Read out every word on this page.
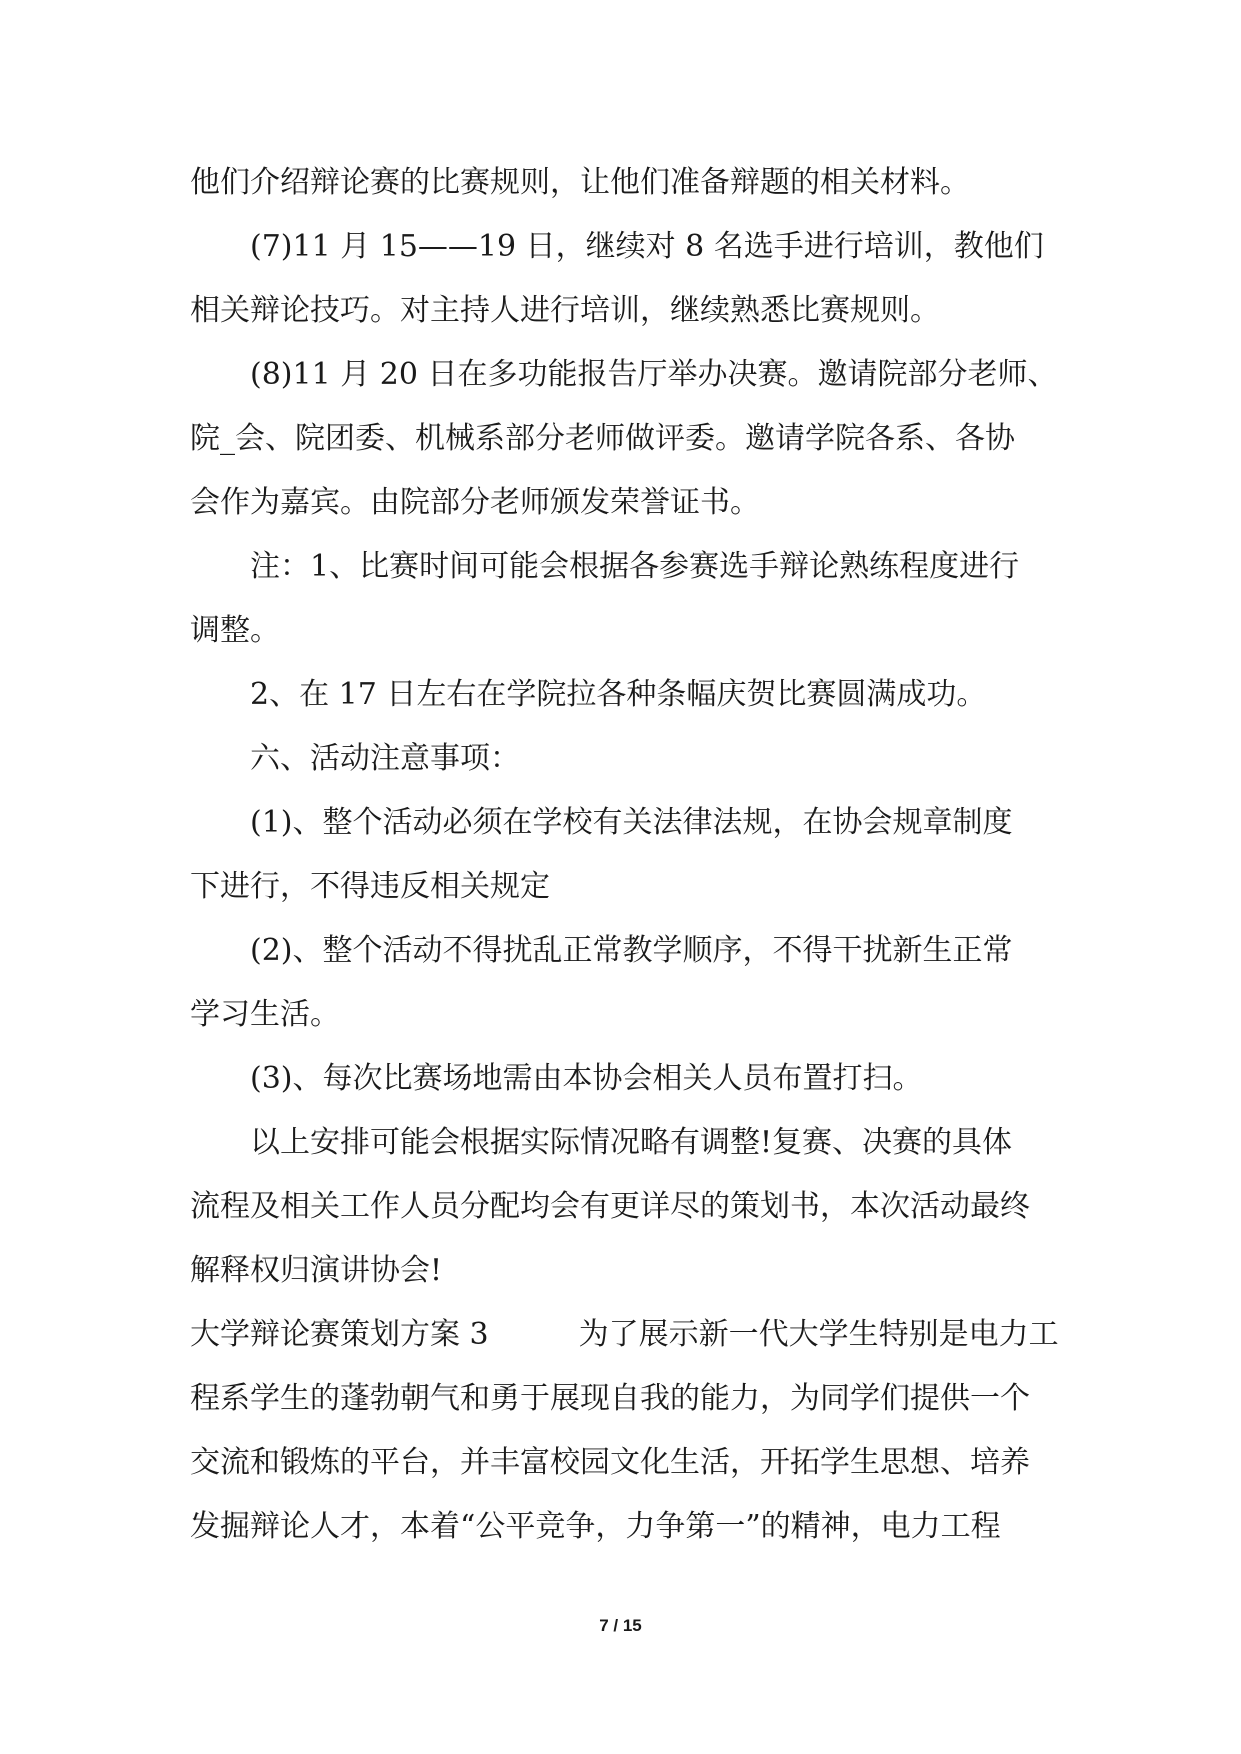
他们介绍辩论赛的比赛规则，让他们准备辩题的相关材料。
(7)11 月 15——19 日，继续对 8 名选手进行培训，教他们
相关辩论技巧。对主持人进行培训，继续熟悉比赛规则。
(8)11 月 20 日在多功能报告厅举办决赛。邀请院部分老师、
院_会、院团委、机械系部分老师做评委。邀请学院各系、各协
会作为嘉宾。由院部分老师颁发荣誉证书。
注：1、比赛时间可能会根据各参赛选手辩论熟练程度进行
调整。
2、在 17 日左右在学院拉各种条幅庆贺比赛圆满成功。
六、活动注意事项：
(1)、整个活动必须在学校有关法律法规，在协会规章制度
下进行，不得违反相关规定
(2)、整个活动不得扰乱正常教学顺序，不得干扰新生正常
学习生活。
(3)、每次比赛场地需由本协会相关人员布置打扫。
以上安排可能会根据实际情况略有调整!复赛、决赛的具体
流程及相关工作人员分配均会有更详尽的策划书，本次活动最终
解释权归演讲协会!
大学辩论赛策划方案 3　　　为了展示新一代大学生特别是电力工
程系学生的蓬勃朝气和勇于展现自我的能力，为同学们提供一个
交流和锻炼的平台，并丰富校园文化生活，开拓学生思想、培养
发掘辩论人才，本着“公平竞争，力争第一”的精神，电力工程
7 / 15
